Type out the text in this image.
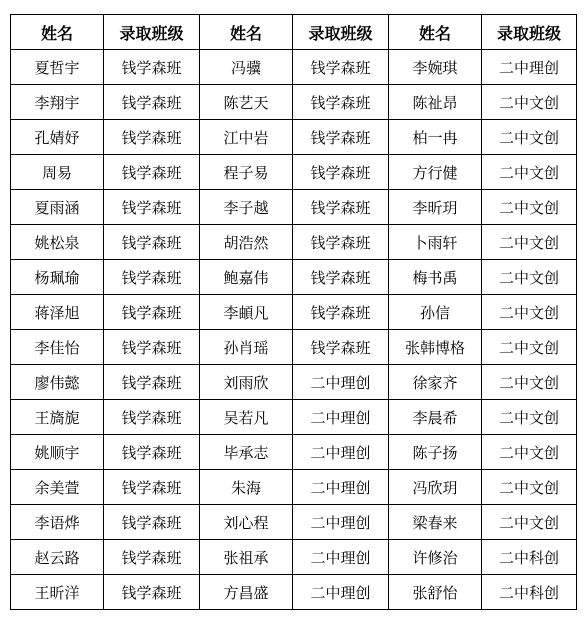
姓名	录取班级	姓名	录取班级	姓名	录取班级
夏哲宇	钱学森班	冯骥	钱学森班	李婉琪	二中理创
李翔宇	钱学森班	陈艺天	钱学森班	陈祉昂	二中文创
孔婧妤	钱学森班	江中岩	钱学森班	柏一冉	二中文创
周易	钱学森班	程子易	钱学森班	方行健	二中文创
夏雨涵	钱学森班	李子越	钱学森班	李昕玥	二中文创
姚松泉	钱学森班	胡浩然	钱学森班	卜雨轩	二中文创
杨珮瑜	钱学森班	鲍嘉伟	钱学森班	梅书禹	二中文创
蒋泽旭	钱学森班	李頔凡	钱学森班	孙信	二中文创
李佳怡	钱学森班	孙肖瑶	钱学森班	张韩博格	二中文创
廖伟懿	钱学森班	刘雨欣	二中理创	徐家齐	二中文创
王旖旎	钱学森班	吴若凡	二中理创	李晨希	二中文创
姚顺宇	钱学森班	毕承志	二中理创	陈子扬	二中文创
余美萱	钱学森班	朱海	二中理创	冯欣玥	二中文创
李语烨	钱学森班	刘心程	二中理创	梁春来	二中文创
赵云路	钱学森班	张祖承	二中理创	许修治	二中科创
王昕洋	钱学森班	方昌盛	二中理创	张舒怡	二中科创
